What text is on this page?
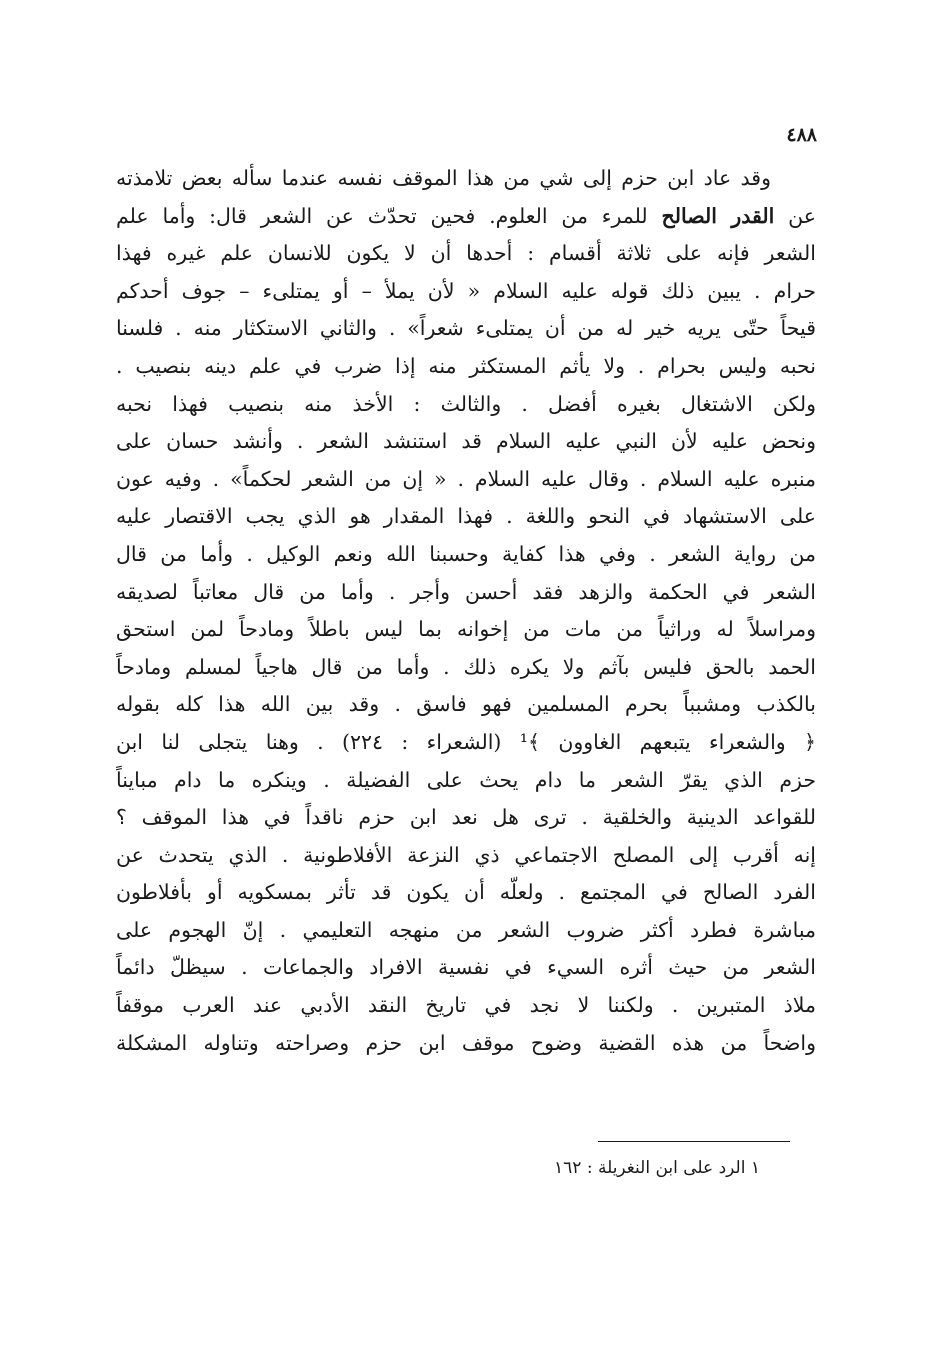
٤٨٨
وقد عاد ابن حزم إلى شي من هذا الموقف نفسه عندما سأله بعض تلامذته
عن القدر الصالح للمرء من العلوم. فحين تحدّث عن الشعر قال: وأما علم
الشعر فإنه على ثلاثة أقسام : أحدها أن لا يكون للانسان علم غيره فهذا
حرام . يبين ذلك قوله عليه السلام « لأن يملأ – أو يمتلىء – جوف أحدكم
قيحاً حتّى يريه خير له من أن يمتلىء شعراً» . والثاني الاستكثار منه . فلسنا
نحبه وليس بحرام . ولا يأثم المستكثر منه إذا ضرب في علم دينه بنصيب .
ولكن الاشتغال بغيره أفضل . والثالث : الأخذ منه بنصيب فهذا نحبه
ونحض عليه لأن النبي عليه السلام قد استنشد الشعر . وأنشد حسان على
منبره عليه السلام . وقال عليه السلام . « إن من الشعر لحكماً» . وفيه عون
على الاستشهاد في النحو واللغة . فهذا المقدار هو الذي يجب الاقتصار عليه
من رواية الشعر . وفي هذا كفاية وحسبنا الله ونعم الوكيل . وأما من قال
الشعر في الحكمة والزهد فقد أحسن وأجر . وأما من قال معاتباً لصديقه
ومراسلاً له وراثياً من مات من إخوانه بما ليس باطلاً ومادحاً لمن استحق
الحمد بالحق فليس بآثم ولا يكره ذلك . وأما من قال هاجياً لمسلم ومادحاً
بالكذب ومشبباً بحرم المسلمين فهو فاسق . وقد بين الله هذا كله بقوله
﴿ والشعراء يتبعهم الغاوون ﴾¹ (الشعراء : ٢٢٤) . وهنا يتجلى لنا ابن
حزم الذي يقرّ الشعر ما دام يحث على الفضيلة . وينكره ما دام مبايناً
للقواعد الدينية والخلقية . ترى هل نعد ابن حزم ناقداً في هذا الموقف ؟
إنه أقرب إلى المصلح الاجتماعي ذي النزعة الأفلاطونية . الذي يتحدث عن
الفرد الصالح في المجتمع . ولعلّه أن يكون قد تأثر بمسكويه أو بأفلاطون
مباشرة فطرد أكثر ضروب الشعر من منهجه التعليمي . إنّ الهجوم على
الشعر من حيث أثره السيء في نفسية الافراد والجماعات . سيظلّ دائماً
ملاذ المتبرين . ولكننا لا نجد في تاريخ النقد الأدبي عند العرب موقفاً
واضحاً من هذه القضية وضوح موقف ابن حزم وصراحته وتناوله المشكلة
١ الرد على ابن النغريلة : ١٦٢
